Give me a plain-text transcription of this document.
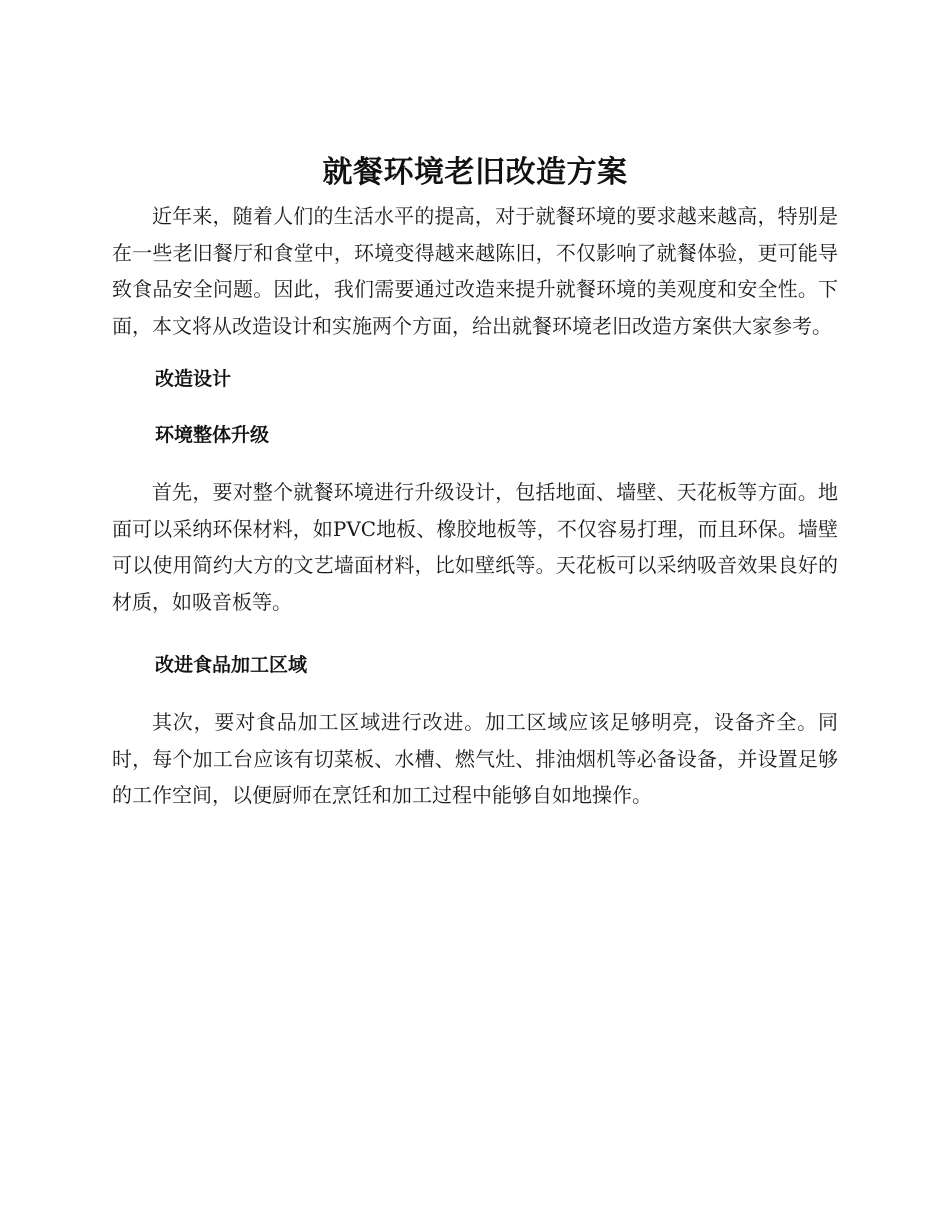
就餐环境老旧改造方案

近年来，随着人们的生活水平的提高，对于就餐环境的要求越来越高，特别是在一些老旧餐厅和食堂中，环境变得越来越陈旧，不仅影响了就餐体验，更可能导致食品安全问题。因此，我们需要通过改造来提升就餐环境的美观度和安全性。下面，本文将从改造设计和实施两个方面，给出就餐环境老旧改造方案供大家参考。

改造设计
环境整体升级

首先，要对整个就餐环境进行升级设计，包括地面、墙壁、天花板等方面。地面可以采纳环保材料，如PVC地板、橡胶地板等，不仅容易打理，而且环保。墙壁可以使用简约大方的文艺墙面材料，比如壁纸等。天花板可以采纳吸音效果良好的材质，如吸音板等。

改进食品加工区域

其次，要对食品加工区域进行改进。加工区域应该足够明亮，设备齐全。同时，每个加工台应该有切菜板、水槽、燃气灶、排油烟机等必备设备，并设置足够的工作空间，以便厨师在烹饪和加工过程中能够自如地操作。
